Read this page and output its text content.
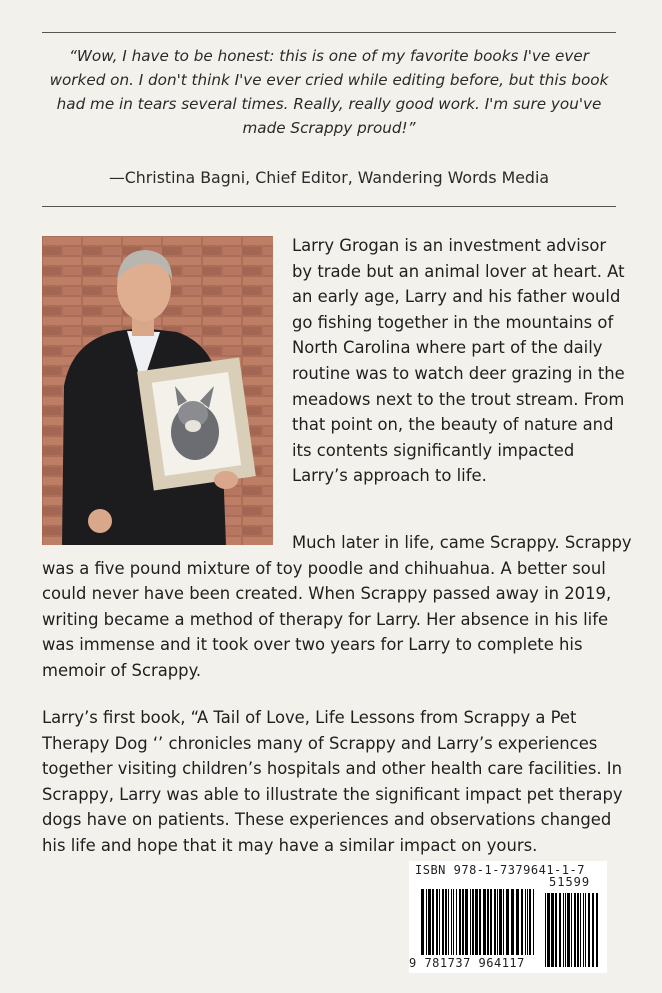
“Wow, I have to be honest: this is one of my favorite books I've ever worked on. I don't think I've ever cried while editing before, but this book had me in tears several times. Really, really good work. I'm sure you've made Scrappy proud!”
—Christina Bagni, Chief Editor, Wandering Words Media
Larry Grogan is an investment advisor by trade but an animal lover at heart. At an early age, Larry and his father would go fishing together in the mountains of North Carolina where part of the daily routine was to watch deer grazing in the meadows next to the trout stream. From that point on, the beauty of nature and its contents significantly impacted Larry’s approach to life.
Much later in life, came Scrappy. Scrappy was a five pound mixture of toy poodle and chihuahua. A better soul could never have been created. When Scrappy passed away in 2019, writing became a method of therapy for Larry. Her absence in his life was immense and it took over two years for Larry to complete his memoir of Scrappy.
Larry’s first book, “A Tail of Love, Life Lessons from Scrappy a Pet Therapy Dog ‘’ chronicles many of Scrappy and Larry’s experiences together visiting children’s hospitals and other health care facilities. In Scrappy, Larry was able to illustrate the significant impact pet therapy dogs have on patients. These experiences and observations changed his life and hope that it may have a similar impact on yours.
ISBN 978-1-7379641-1-7
51599
9 781737 964117
